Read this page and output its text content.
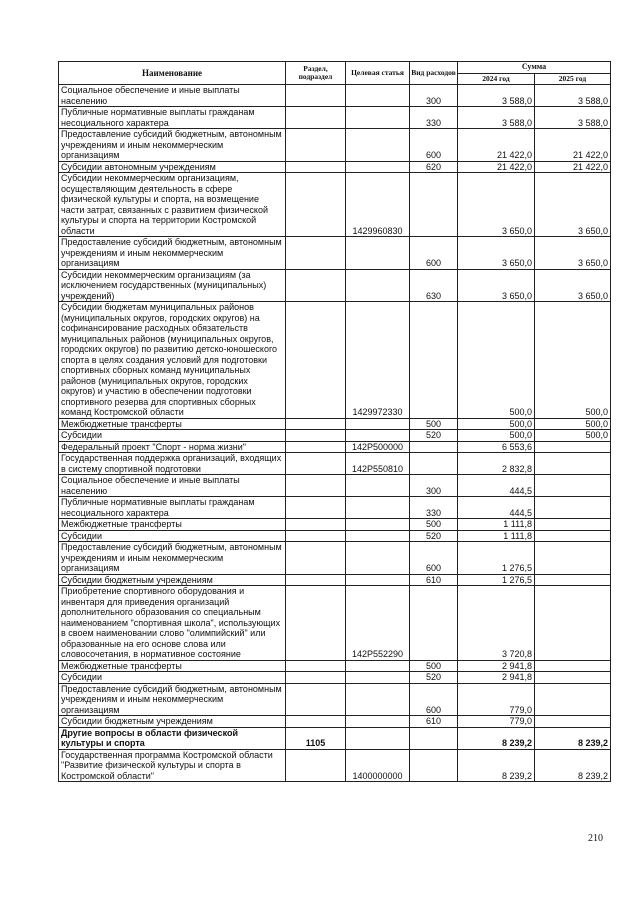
Наименование	Раздел, подраздел	Целевая статья	Вид расходов	Сумма	
				2024 год	2025 год
Социальное обеспечение и иные выплаты населению			300	3 588,0	3 588,0
Публичные нормативные выплаты гражданам несоциального характера			330	3 588,0	3 588,0
Предоставление субсидий бюджетным, автономным учреждениям и иным некоммерческим организациям			600	21 422,0	21 422,0
Субсидии автономным учреждениям			620	21 422,0	21 422,0
Субсидии некоммерческим организациям, осуществляющим деятельность в сфере физической культуры и спорта, на возмещение части затрат, связанных с развитием физической культуры и спорта на территории Костромской области		1429960830		3 650,0	3 650,0
Предоставление субсидий бюджетным, автономным учреждениям и иным некоммерческим организациям			600	3 650,0	3 650,0
Субсидии некоммерческим организациям (за исключением государственных (муниципальных) учреждений)			630	3 650,0	3 650,0
Субсидии бюджетам муниципальных районов (муниципальных округов, городских округов) на софинансирование расходных обязательств муниципальных районов (муниципальных округов, городских округов) по развитию детско-юношеского спорта в целях создания условий для подготовки спортивных сборных команд муниципальных районов (муниципальных округов, городских округов) и участию в обеспечении подготовки спортивного резерва для спортивных сборных команд Костромской области		1429972330		500,0	500,0
Межбюджетные трансферты			500	500,0	500,0
Субсидии			520	500,0	500,0
Федеральный проект "Спорт - норма жизни"		142P500000		6 553,6	
Государственная поддержка организаций, входящих в систему спортивной подготовки		142P550810		2 832,8	
Социальное обеспечение и иные выплаты населению			300	444,5	
Публичные нормативные выплаты гражданам несоциального характера			330	444,5	
Межбюджетные трансферты			500	1 111,8	
Субсидии			520	1 111,8	
Предоставление субсидий бюджетным, автономным учреждениям и иным некоммерческим организациям			600	1 276,5	
Субсидии бюджетным учреждениям			610	1 276,5	
Приобретение спортивного оборудования и инвентаря для приведения организаций дополнительного образования со специальным наименованием "спортивная школа", использующих в своем наименовании слово "олимпийский" или образованные на его основе слова или словосочетания, в нормативное состояние		142P552290		3 720,8	
Межбюджетные трансферты			500	2 941,8	
Субсидии			520	2 941,8	
Предоставление субсидий бюджетным, автономным учреждениям и иным некоммерческим организациям			600	779,0	
Субсидии бюджетным учреждениям			610	779,0	
Другие вопросы в области физической культуры и спорта	1105			8 239,2	8 239,2
Государственная программа Костромской области "Развитие физической культуры и спорта в Костромской области"		1400000000		8 239,2	8 239,2
210
